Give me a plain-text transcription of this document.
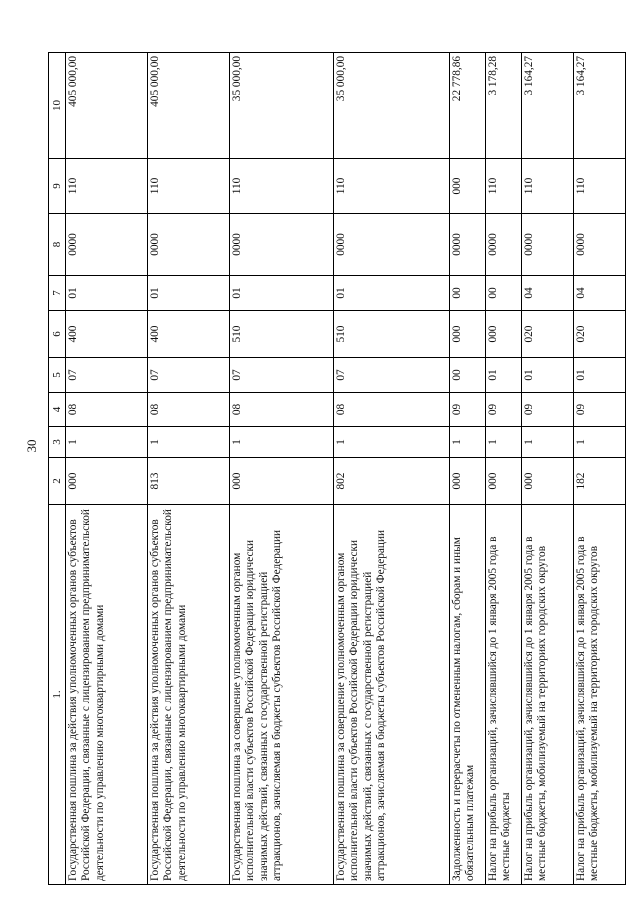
30
1.	2	3	4	5	6	7	8	9	10
Государственная пошлина за действия уполномоченных органов субъектов Российской Федерации, связанные с лицензированием предпринимательской деятельности по управлению многоквартирными домами	000	1	08	07	400	01	0000	110	405 000,00
Государственная пошлина за действия уполномоченных органов субъектов Российской Федерации, связанные с лицензированием предпринимательской деятельности по управлению многоквартирными домами	813	1	08	07	400	01	0000	110	405 000,00
Государственная пошлина за совершение уполномоченным органом исполнительной власти субъектов Российской Федерации юридически значимых действий, связанных с государственной регистрацией аттракционов, зачисляемая в бюджеты субъектов Российской Федерации	000	1	08	07	510	01	0000	110	35 000,00
Государственная пошлина за совершение уполномоченным органом исполнительной власти субъектов Российской Федерации юридически значимых действий, связанных с государственной регистрацией аттракционов, зачисляемая в бюджеты субъектов Российской Федерации	802	1	08	07	510	01	0000	110	35 000,00
Задолженность и перерасчеты по отмененным налогам, сборам и иным обязательным платежам	000	1	09	00	000	00	0000	000	22 778,86
Налог на прибыль организаций, зачислявшийся до 1 января 2005 года в местные бюджеты	000	1	09	01	000	00	0000	110	3 178,28
Налог на прибыль организаций, зачислявшийся до 1 января 2005 года в местные бюджеты, мобилизуемый на территориях городских округов	000	1	09	01	020	04	0000	110	3 164,27
Налог на прибыль организаций, зачислявшийся до 1 января 2005 года в местные бюджеты, мобилизуемый на территориях городских округов	182	1	09	01	020	04	0000	110	3 164,27
